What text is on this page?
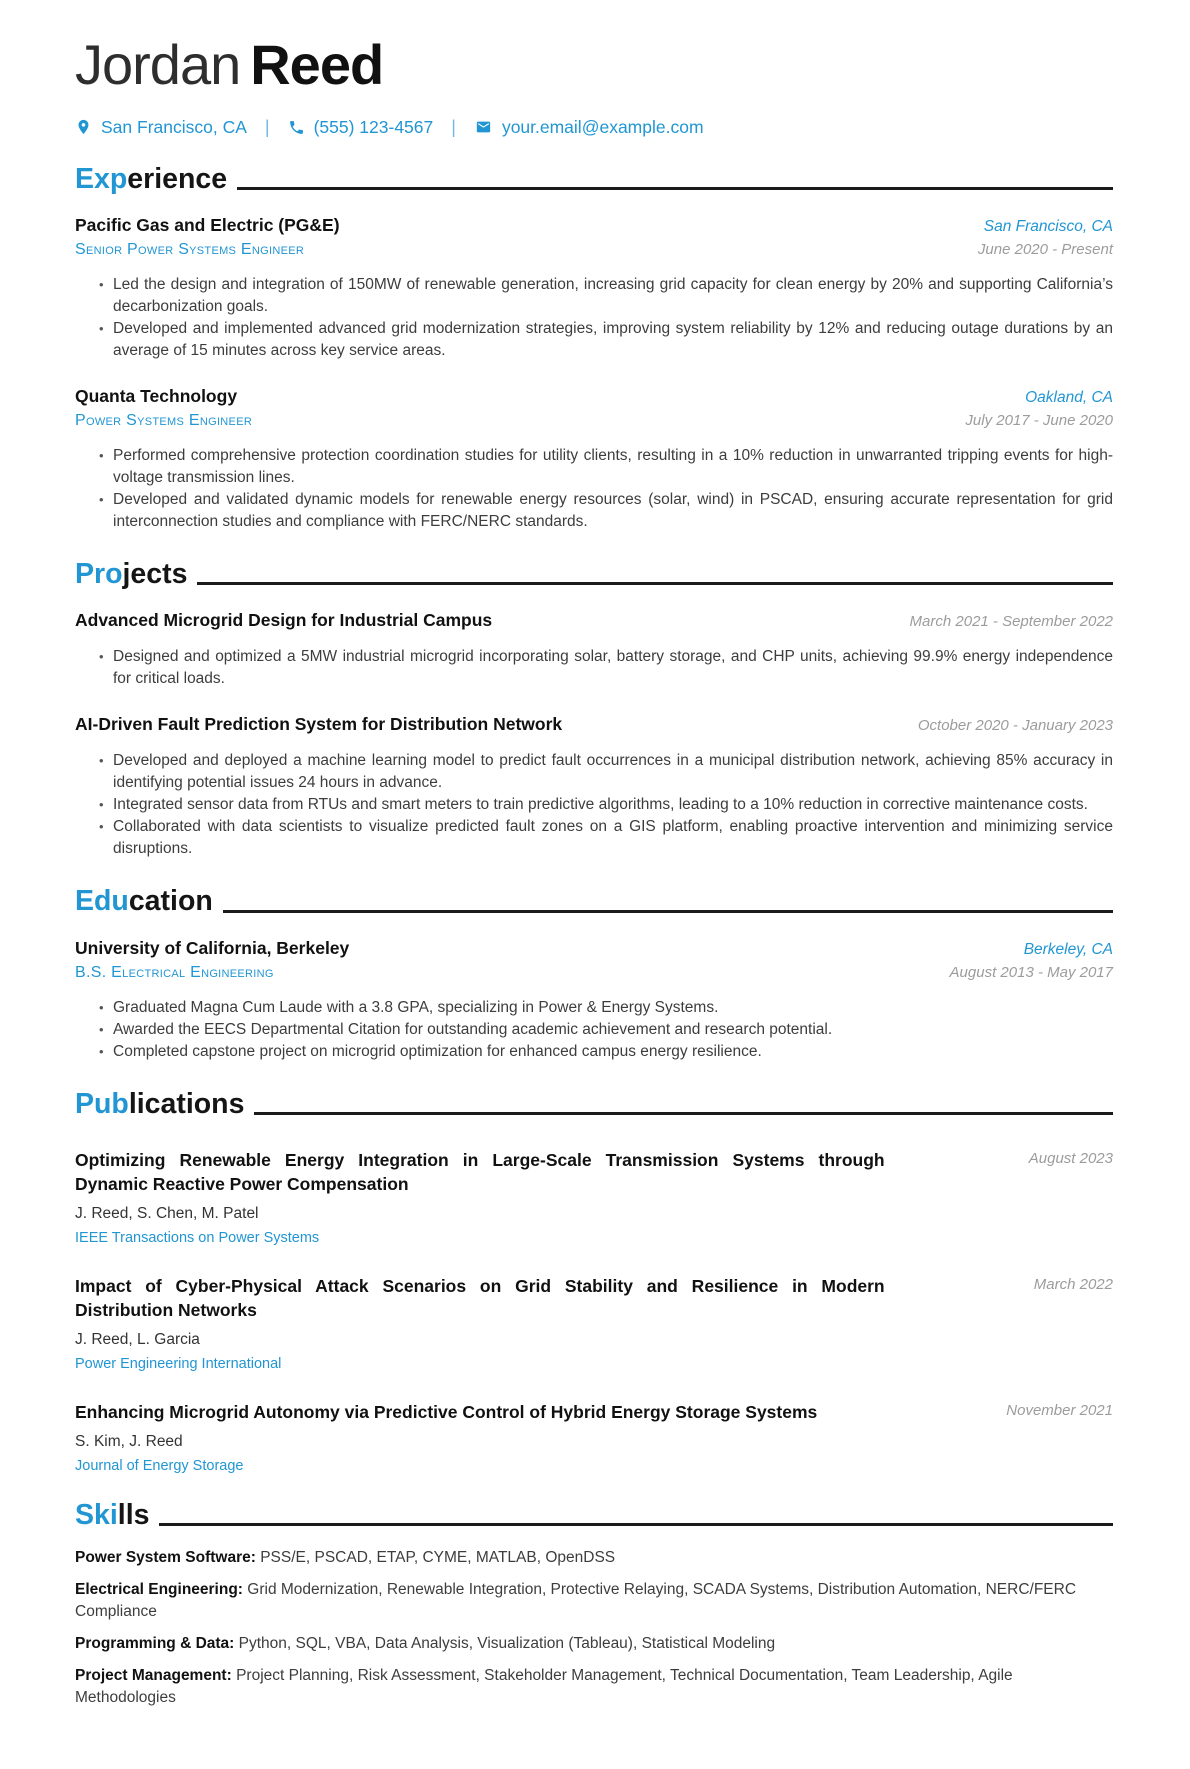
Jordan Reed
San Francisco, CA |	(555) 123-4567 |	your.email@example.com
Exp erience
Pacific Gas and Electric (PG&E)	San Francisco, CA
Senior Power Systems Engineer	June 2020 - Present
• Led the design and integration of 150MW of renewable generation, increasing grid capacity for clean energy by 20% and supporting California’s decarbonization goals.
• Developed and implemented advanced grid modernization strategies, improving system reliability by 12% and reducing outage durations by an average of 15 minutes across key service areas.
Quanta Technology	Oakland, CA
Power Systems Engineer	July 2017 - June 2020
• Performed comprehensive protection coordination studies for utility clients, resulting in a 10% reduction in unwarranted tripping events for high-voltage transmission lines.
• Developed and validated dynamic models for renewable energy resources (solar, wind) in PSCAD, ensuring accurate representation for grid interconnection studies and compliance with FERC/NERC standards.
Pro jects
Advanced Microgrid Design for Industrial Campus	March 2021 - September 2022
• Designed and optimized a 5MW industrial microgrid incorporating solar, battery storage, and CHP units, achieving 99.9% energy independence for critical loads.
AI-Driven Fault Prediction System for Distribution Network	October 2020 - January 2023
• Developed and deployed a machine learning model to predict fault occurrences in a municipal distribution network, achieving 85% accuracy in identifying potential issues 24 hours in advance.
• Integrated sensor data from RTUs and smart meters to train predictive algorithms, leading to a 10% reduction in corrective maintenance costs.
• Collaborated with data scientists to visualize predicted fault zones on a GIS platform, enabling proactive intervention and minimizing service disruptions.
Edu cation
University of California, Berkeley	Berkeley, CA
B.S. Electrical Engineering	August 2013 - May 2017
• Graduated Magna Cum Laude with a 3.8 GPA, specializing in Power & Energy Systems.
• Awarded the EECS Departmental Citation for outstanding academic achievement and research potential.
• Completed capstone project on microgrid optimization for enhanced campus energy resilience.
Pub lications
Optimizing Renewable Energy Integration in Large-Scale Transmission Systems through Dynamic Reactive Power Compensation
August 2023
J. Reed, S. Chen, M. Patel
IEEE Transactions on Power Systems
Impact of Cyber-Physical Attack Scenarios on Grid Stability and Resilience in Modern Distribution Networks
March 2022
J. Reed, L. Garcia
Power Engineering International
Enhancing Microgrid Autonomy via Predictive Control of Hybrid Energy Storage Systems	November 2021
S. Kim, J. Reed
Journal of Energy Storage
Ski lls
Power System Software: PSS/E, PSCAD, ETAP, CYME, MATLAB, OpenDSS
Electrical Engineering: Grid Modernization, Renewable Integration, Protective Relaying, SCADA Systems, Distribution Automation, NERC/FERC Compliance
Programming & Data: Python, SQL, VBA, Data Analysis, Visualization (Tableau), Statistical Modeling
Project Management: Project Planning, Risk Assessment, Stakeholder Management, Technical Documentation, Team Leadership, Agile Methodologies
